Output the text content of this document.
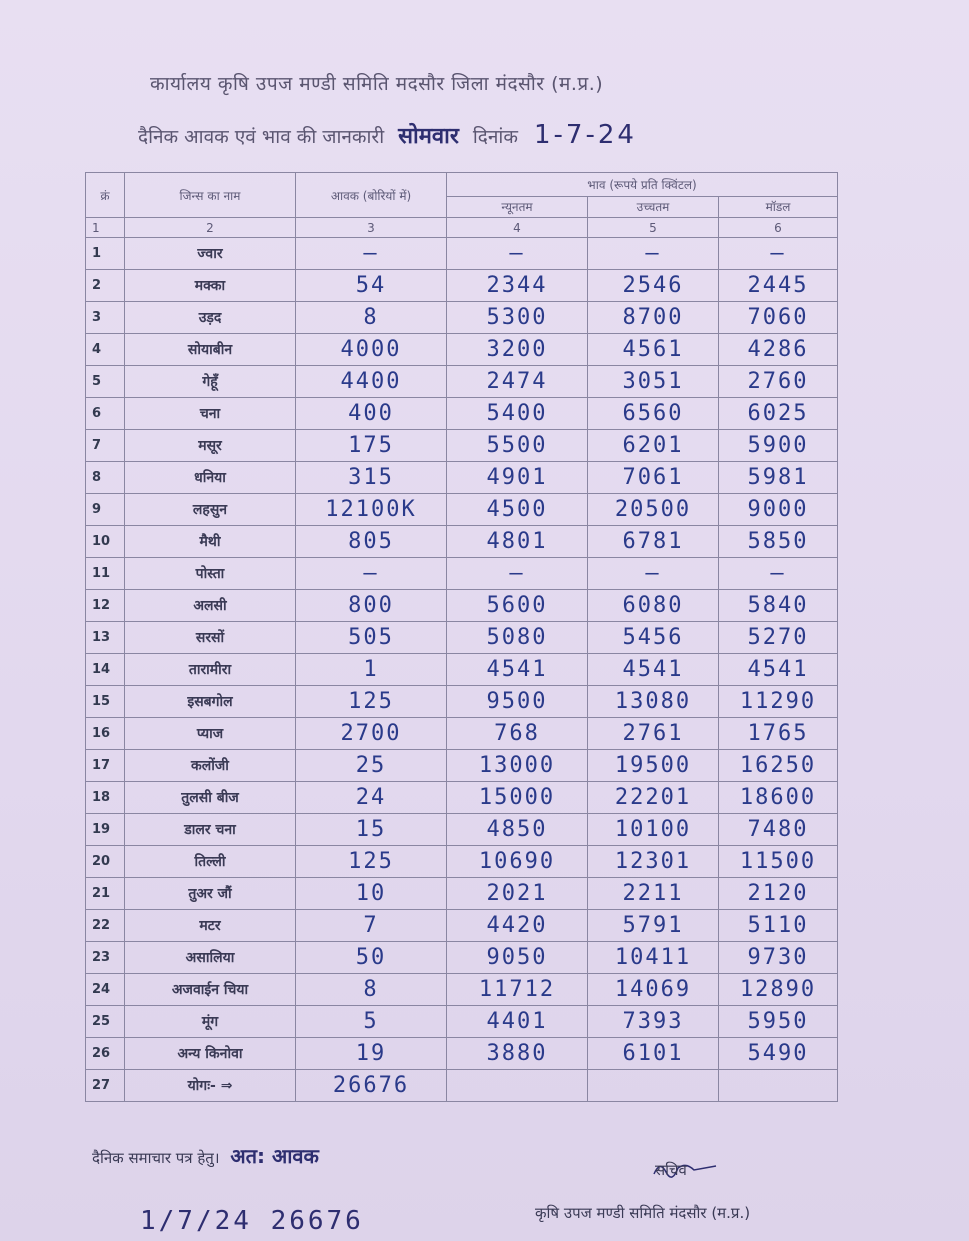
कार्यालय कृषि उपज मण्डी समिति मदसौर जिला मंदसौर (म.प्र.)
दैनिक आवक एवं भाव की जानकारी सोमवार दिनांक 1-7-24
क्रं	जिन्स का नाम	आवक (बोरियों में)	भाव (रूपये प्रति क्विंटल)		
			न्यूनतम	उच्चतम	मॉडल
1	2	3	4	5	6
1	ज्वार	—	—	—	—
2	मक्का	54	2344	2546	2445
3	उड़द	8	5300	8700	7060
4	सोयाबीन	4000	3200	4561	4286
5	गेहूँ	4400	2474	3051	2760
6	चना	400	5400	6560	6025
7	मसूर	175	5500	6201	5900
8	धनिया	315	4901	7061	5981
9	लहसुन	12100K	4500	20500	9000
10	मैथी	805	4801	6781	5850
11	पोस्ता	—	—	—	—
12	अलसी	800	5600	6080	5840
13	सरसों	505	5080	5456	5270
14	तारामीरा	1	4541	4541	4541
15	इसबगोल	125	9500	13080	11290
16	प्याज	2700	768	2761	1765
17	कलोंजी	25	13000	19500	16250
18	तुलसी बीज	24	15000	22201	18600
19	डालर चना	15	4850	10100	7480
20	तिल्ली	125	10690	12301	11500
21	तुअर जौं	10	2021	2211	2120
22	मटर	7	4420	5791	5110
23	असालिया	50	9050	10411	9730
24	अजवाईन चिया	8	11712	14069	12890
25	मूंग	5	4401	7393	5950
26	अन्य किनोवा	19	3880	6101	5490
27	योगः- ⇒	26676			
दैनिक समाचार पत्र हेतु। अत: आवक
सचिव
कृषि उपज मण्डी समिति मंदसौर (म.प्र.)
1/7/24 26676
